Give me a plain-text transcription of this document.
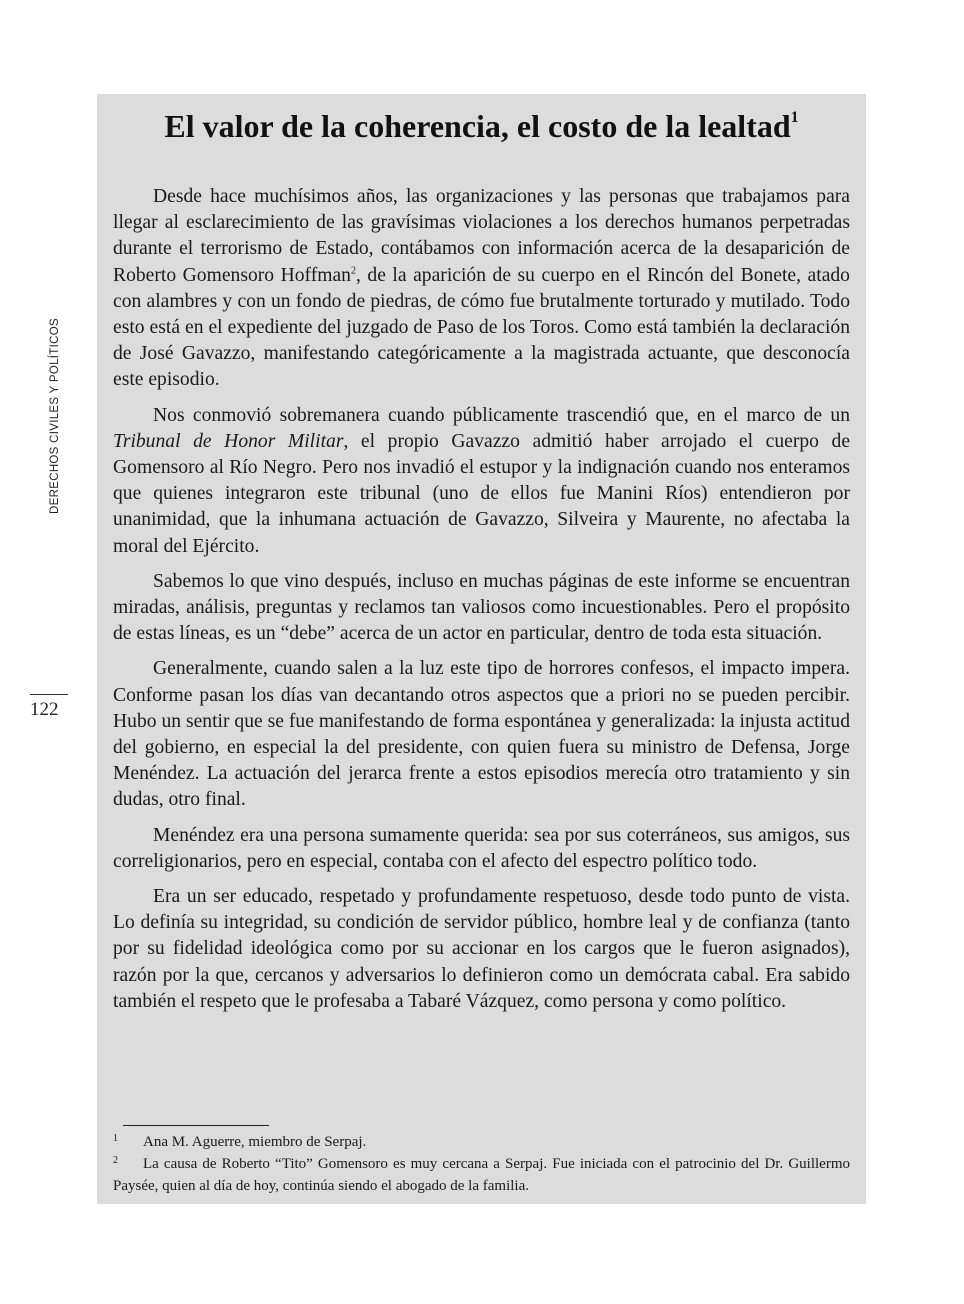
DERECHOS CIVILES Y POLÍTICOS
122
El valor de la coherencia, el costo de la lealtad$^1$

Desde hace muchísimos años, las organizaciones y las personas que trabajamos para llegar al esclarecimiento de las gravísimas violaciones a los derechos humanos perpetradas durante el terrorismo de Estado, contábamos con información acerca de la desaparición de Roberto Gomensoro Hoffman$^2$, de la aparición de su cuerpo en el Rincón del Bonete, atado con alambres y con un fondo de piedras, de cómo fue brutalmente torturado y mutilado. Todo esto está en el expediente del juzgado de Paso de los Toros. Como está también la declaración de José Gavazzo, manifestando categóricamente a la magistrada actuante, que desconocía este episodio.

Nos conmovió sobremanera cuando públicamente trascendió que, en el marco de un Tribunal de Honor Militar, el propio Gavazzo admitió haber arrojado el cuerpo de Gomensoro al Río Negro. Pero nos invadió el estupor y la indignación cuando nos enteramos que quienes integraron este tribunal (uno de ellos fue Manini Ríos) entendieron por unanimidad, que la inhumana actuación de Gavazzo, Silveira y Maurente, no afectaba la moral del Ejército.

Sabemos lo que vino después, incluso en muchas páginas de este informe se encuentran miradas, análisis, preguntas y reclamos tan valiosos como incuestionables. Pero el propósito de estas líneas, es un “debe” acerca de un actor en particular, dentro de toda esta situación.

Generalmente, cuando salen a la luz este tipo de horrores confesos, el impacto impera. Conforme pasan los días van decantando otros aspectos que a priori no se pueden percibir. Hubo un sentir que se fue manifestando de forma espontánea y generalizada: la injusta actitud del gobierno, en especial la del presidente, con quien fuera su ministro de Defensa, Jorge Menéndez. La actuación del jerarca frente a estos episodios merecía otro tratamiento y sin dudas, otro final.

Menéndez era una persona sumamente querida: sea por sus coterráneos, sus amigos, sus correligionarios, pero en especial, contaba con el afecto del espectro político todo.

Era un ser educado, respetado y profundamente respetuoso, desde todo punto de vista. Lo definía su integridad, su condición de servidor público, hombre leal y de confianza (tanto por su fidelidad ideológica como por su accionar en los cargos que le fueron asignados), razón por la que, cercanos y adversarios lo definieron como un demócrata cabal. Era sabido también el respeto que le profesaba a Tabaré Vázquez, como persona y como político.

1 Ana M. Aguerre, miembro de Serpaj.

2 La causa de Roberto “Tito” Gomensoro es muy cercana a Serpaj. Fue iniciada con el patrocinio del Dr. Guillermo Paysée, quien al día de hoy, continúa siendo el abogado de la familia.
